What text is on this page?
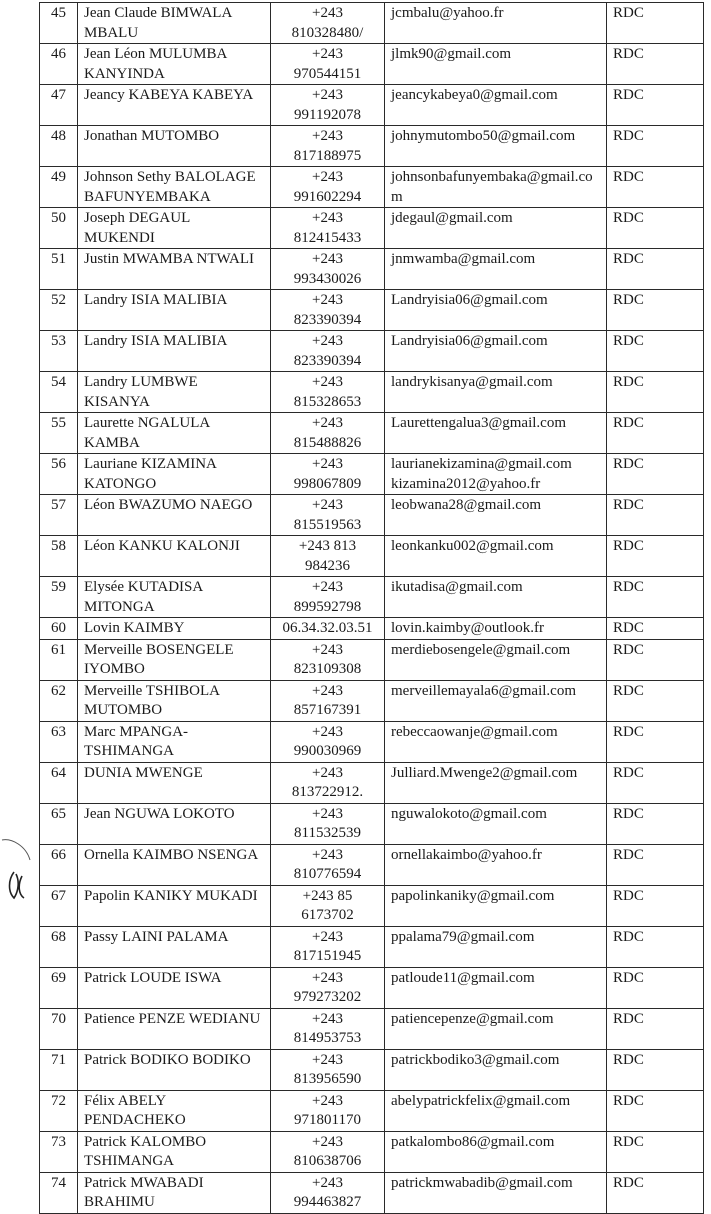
45	Jean Claude BIMWALA MBALU	+243 810328480/	jcmbalu@yahoo.fr	RDC
46	Jean Léon MULUMBA KANYINDA	+243 970544151	jlmk90@gmail.com	RDC
47	Jeancy KABEYA KABEYA	+243 991192078	jeancykabeya0@gmail.com	RDC
48	Jonathan MUTOMBO	+243 817188975	johnymutombo50@gmail.com	RDC
49	Johnson Sethy BALOLAGE BAFUNYEMBAKA	+243 991602294	johnsonbafunyembaka@gmail.com	RDC
50	Joseph DEGAUL MUKENDI	+243 812415433	jdegaul@gmail.com	RDC
51	Justin MWAMBA NTWALI	+243 993430026	jnmwamba@gmail.com	RDC
52	Landry ISIA MALIBIA	+243 823390394	Landryisia06@gmail.com	RDC
53	Landry ISIA MALIBIA	+243 823390394	Landryisia06@gmail.com	RDC
54	Landry LUMBWE KISANYA	+243 815328653	landrykisanya@gmail.com	RDC
55	Laurette NGALULA KAMBA	+243 815488826	Laurettengalua3@gmail.com	RDC
56	Lauriane KIZAMINA KATONGO	+243 998067809	laurianekizamina@gmail.com kizamina2012@yahoo.fr	RDC
57	Léon BWAZUMO NAEGO	+243 815519563	leobwana28@gmail.com	RDC
58	Léon KANKU KALONJI	+243 813 984236	leonkanku002@gmail.com	RDC
59	Elysée KUTADISA MITONGA	+243 899592798	ikutadisa@gmail.com	RDC
60	Lovin KAIMBY	06.34.32.03.51	lovin.kaimby@outlook.fr	RDC
61	Merveille BOSENGELE IYOMBO	+243 823109308	merdiebosengele@gmail.com	RDC
62	Merveille TSHIBOLA MUTOMBO	+243 857167391	merveillemayala6@gmail.com	RDC
63	Marc MPANGA-TSHIMANGA	+243 990030969	rebeccaowanje@gmail.com	RDC
64	DUNIA MWENGE	+243 813722912.	Julliard.Mwenge2@gmail.com	RDC
65	Jean NGUWA LOKOTO	+243 811532539	nguwalokoto@gmail.com	RDC
66	Ornella KAIMBO NSENGA	+243 810776594	ornellakaimbo@yahoo.fr	RDC
67	Papolin KANIKY MUKADI	+243 85 6173702	papolinkaniky@gmail.com	RDC
68	Passy LAINI PALAMA	+243 817151945	ppalama79@gmail.com	RDC
69	Patrick LOUDE ISWA	+243 979273202	patloude11@gmail.com	RDC
70	Patience PENZE WEDIANU	+243 814953753	patiencepenze@gmail.com	RDC
71	Patrick BODIKO BODIKO	+243 813956590	patrickbodiko3@gmail.com	RDC
72	Félix ABELY PENDACHEKO	+243 971801170	abelypatrickfelix@gmail.com	RDC
73	Patrick KALOMBO TSHIMANGA	+243 810638706	patkalombo86@gmail.com	RDC
74	Patrick MWABADI BRAHIMU	+243 994463827	patrickmwabadib@gmail.com	RDC
